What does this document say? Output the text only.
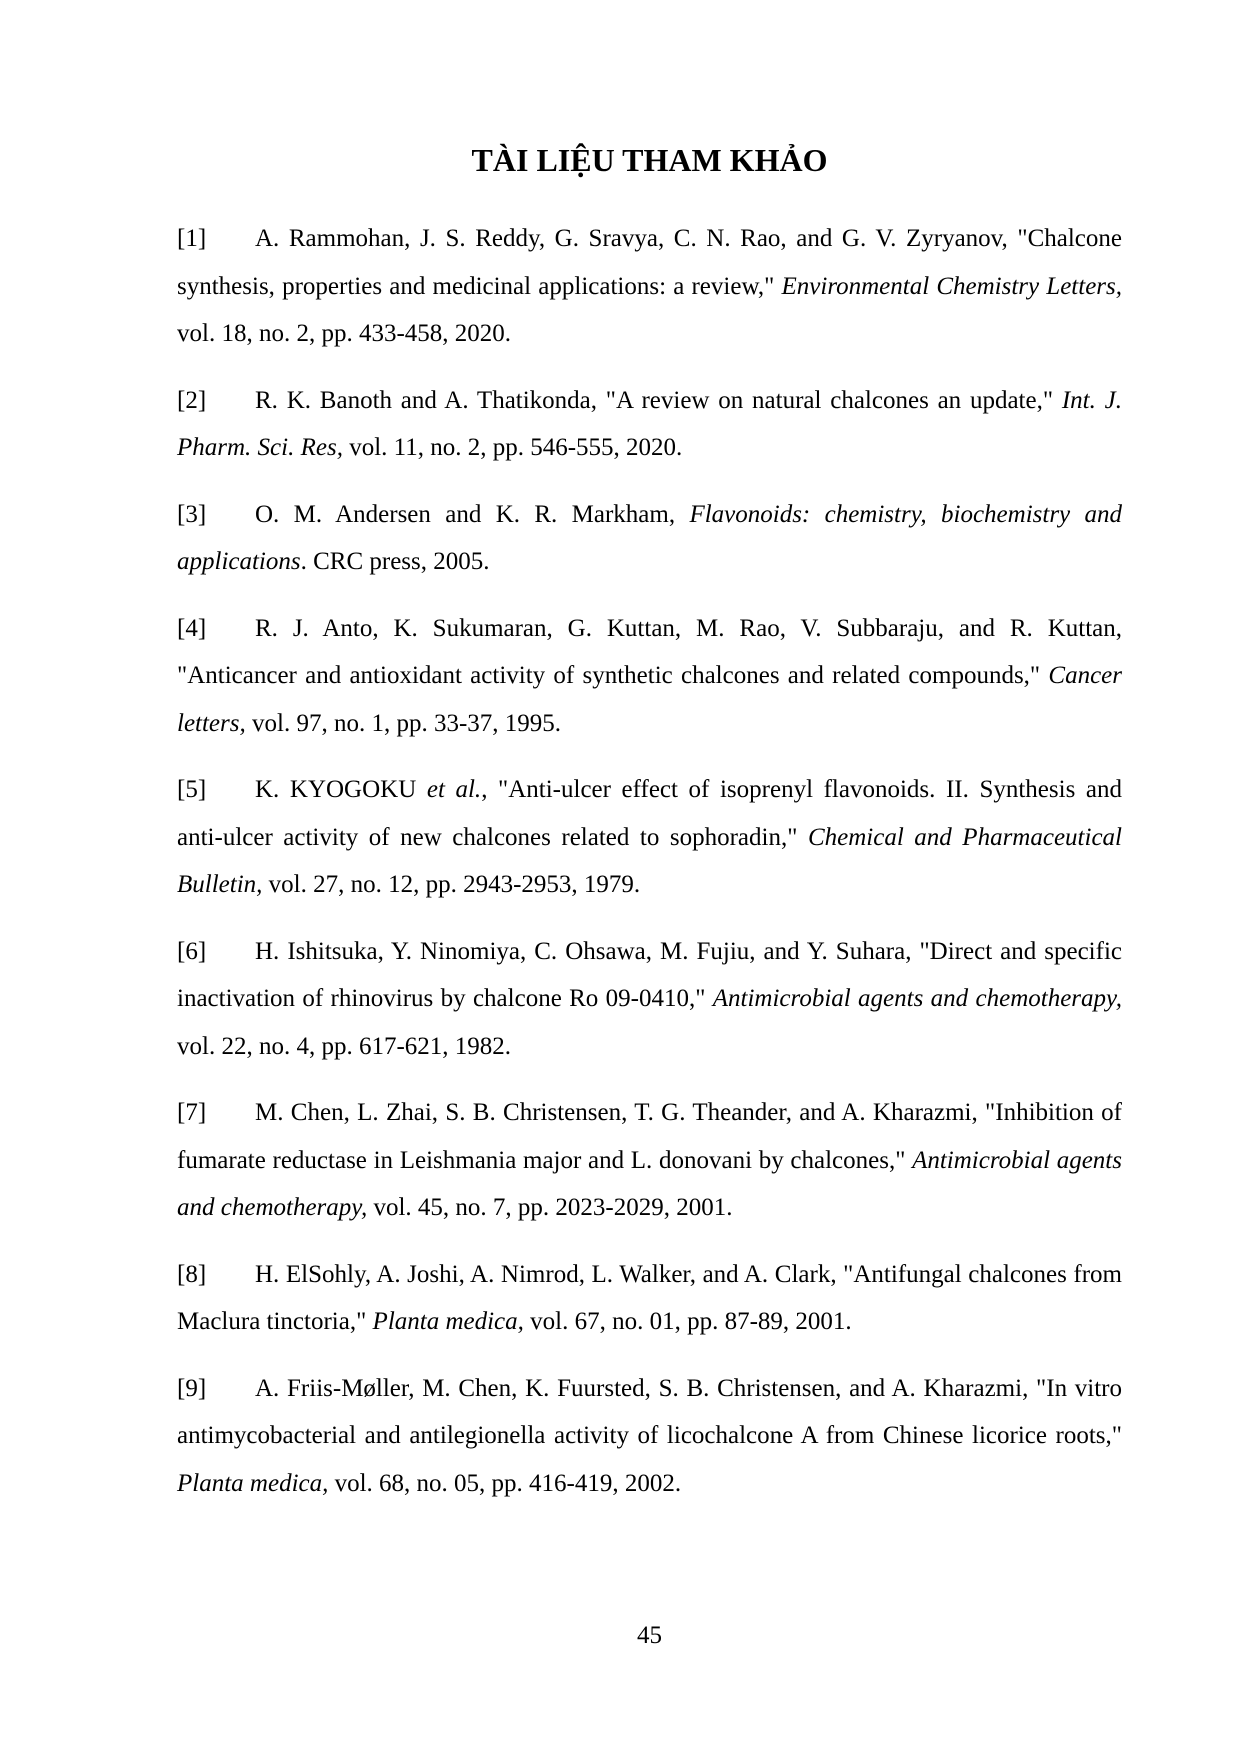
TÀI LIỆU THAM KHẢO

[1] A. Rammohan, J. S. Reddy, G. Sravya, C. N. Rao, and G. V. Zyryanov, "Chalcone synthesis, properties and medicinal applications: a review," Environmental Chemistry Letters, vol. 18, no. 2, pp. 433-458, 2020.

[2] R. K. Banoth and A. Thatikonda, "A review on natural chalcones an update," Int. J. Pharm. Sci. Res, vol. 11, no. 2, pp. 546-555, 2020.

[3] O. M. Andersen and K. R. Markham, Flavonoids: chemistry, biochemistry and applications. CRC press, 2005.

[4] R. J. Anto, K. Sukumaran, G. Kuttan, M. Rao, V. Subbaraju, and R. Kuttan, "Anticancer and antioxidant activity of synthetic chalcones and related compounds," Cancer letters, vol. 97, no. 1, pp. 33-37, 1995.

[5] K. KYOGOKU et al., "Anti-ulcer effect of isoprenyl flavonoids. II. Synthesis and anti-ulcer activity of new chalcones related to sophoradin," Chemical and Pharmaceutical Bulletin, vol. 27, no. 12, pp. 2943-2953, 1979.

[6] H. Ishitsuka, Y. Ninomiya, C. Ohsawa, M. Fujiu, and Y. Suhara, "Direct and specific inactivation of rhinovirus by chalcone Ro 09-0410," Antimicrobial agents and chemotherapy, vol. 22, no. 4, pp. 617-621, 1982.

[7] M. Chen, L. Zhai, S. B. Christensen, T. G. Theander, and A. Kharazmi, "Inhibition of fumarate reductase in Leishmania major and L. donovani by chalcones," Antimicrobial agents and chemotherapy, vol. 45, no. 7, pp. 2023-2029, 2001.

[8] H. ElSohly, A. Joshi, A. Nimrod, L. Walker, and A. Clark, "Antifungal chalcones from Maclura tinctoria," Planta medica, vol. 67, no. 01, pp. 87-89, 2001.

[9] A. Friis-Møller, M. Chen, K. Fuursted, S. B. Christensen, and A. Kharazmi, "In vitro antimycobacterial and antilegionella activity of licochalcone A from Chinese licorice roots," Planta medica, vol. 68, no. 05, pp. 416-419, 2002.

45
